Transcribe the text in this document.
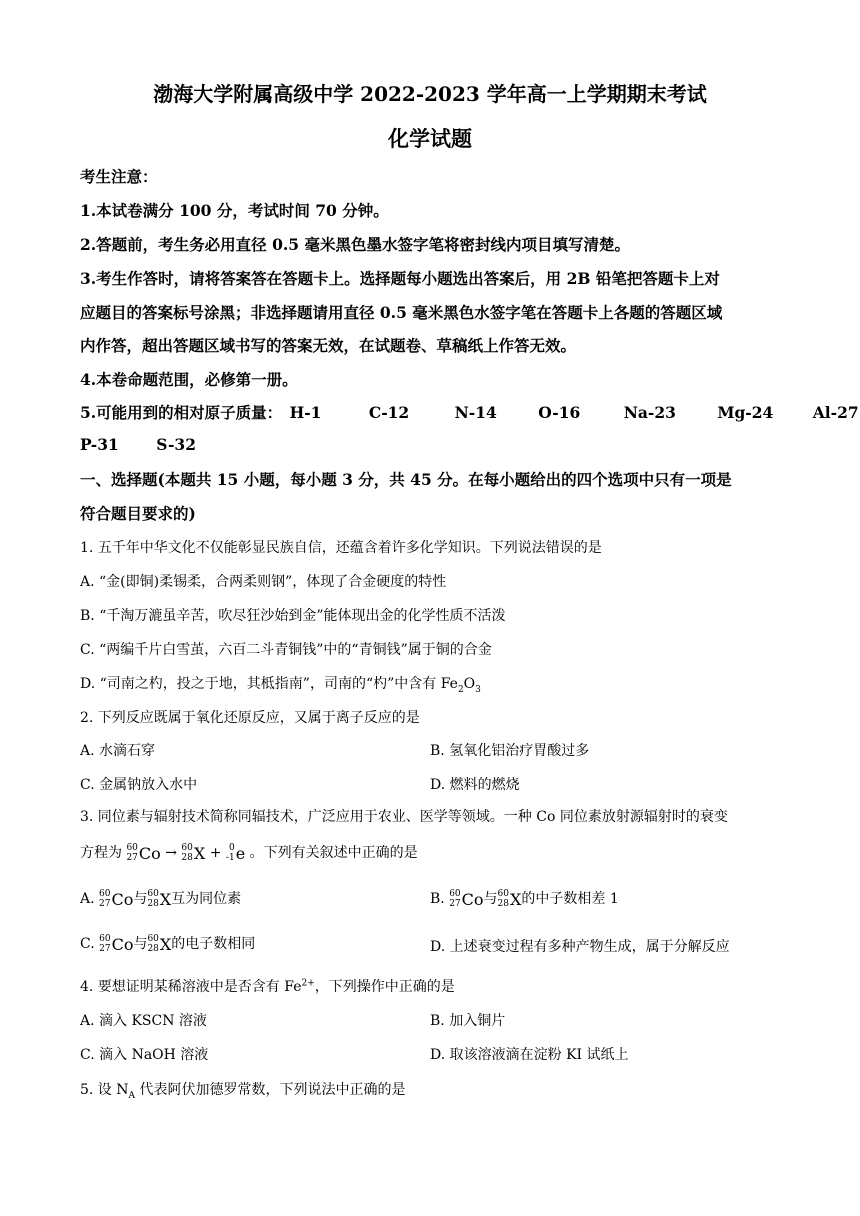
渤海大学附属高级中学 2022-2023 学年高一上学期期末考试
化学试题
考生注意：
1.本试卷满分 100 分，考试时间 70 分钟。
2.答题前，考生务必用直径 0.5 毫米黑色墨水签字笔将密封线内项目填写清楚。
3.考生作答时，请将答案答在答题卡上。选择题每小题选出答案后，用 2B 铅笔把答题卡上对
应题目的答案标号涂黑；非选择题请用直径 0.5 毫米黑色水签字笔在答题卡上各题的答题区域
内作答，超出答题区域书写的答案无效，在试题卷、草稿纸上作答无效。
4.本卷命题范围，必修第一册。
5.可能用到的相对原子质量： H-1	C-12	N-14	O-16	Na-23	Mg-24	Al-27
P-31 S-32
一、选择题(本题共 15 小题，每小题 3 分，共 45 分。在每小题给出的四个选项中只有一项是
符合题目要求的)
1. 五千年中华文化不仅能彰显民族自信，还蕴含着许多化学知识。下列说法错误的是
A. “金(即铜)柔锡柔，合两柔则钢”，体现了合金硬度的特性
B. “千淘万漉虽辛苦，吹尽狂沙始到金”能体现出金的化学性质不活泼
C. “两编千片白雪茧，六百二斗青铜钱”中的“青铜钱”属于铜的合金
D. “司南之杓，投之于地，其柢指南”，司南的“杓”中含有 $Fe_2O_3$
2. 下列反应既属于氧化还原反应，又属于离子反应的是
A. 水滴石穿	B. 氢氧化铝治疗胃酸过多
C. 金属钠放入水中	D. 燃料的燃烧
3. 同位素与辐射技术简称同辐技术，广泛应用于农业、医学等领域。一种 Co 同位素放射源辐射时的衰变
方程为 60
27 Co → 60
28 X + 0
-1 e 。下列有关叙述中正确的是
A. 60
27 Co 与 60
28 X 互为同位素	B. 60
27 Co 与 60
28 X 的中子数相差 1
C. 60
27 Co 与 60
28 X 的电子数相同	D. 上述衰变过程有多种产物生成，属于分解反应
4. 要想证明某稀溶液中是否含有 $Fe^{2+}$，下列操作中正确的是
A. 滴入 KSCN 溶液	B. 加入铜片
C. 滴入 NaOH 溶液	D. 取该溶液滴在淀粉 KI 试纸上
5. 设 $N_A$ 代表阿伏加德罗常数，下列说法中正确的是
